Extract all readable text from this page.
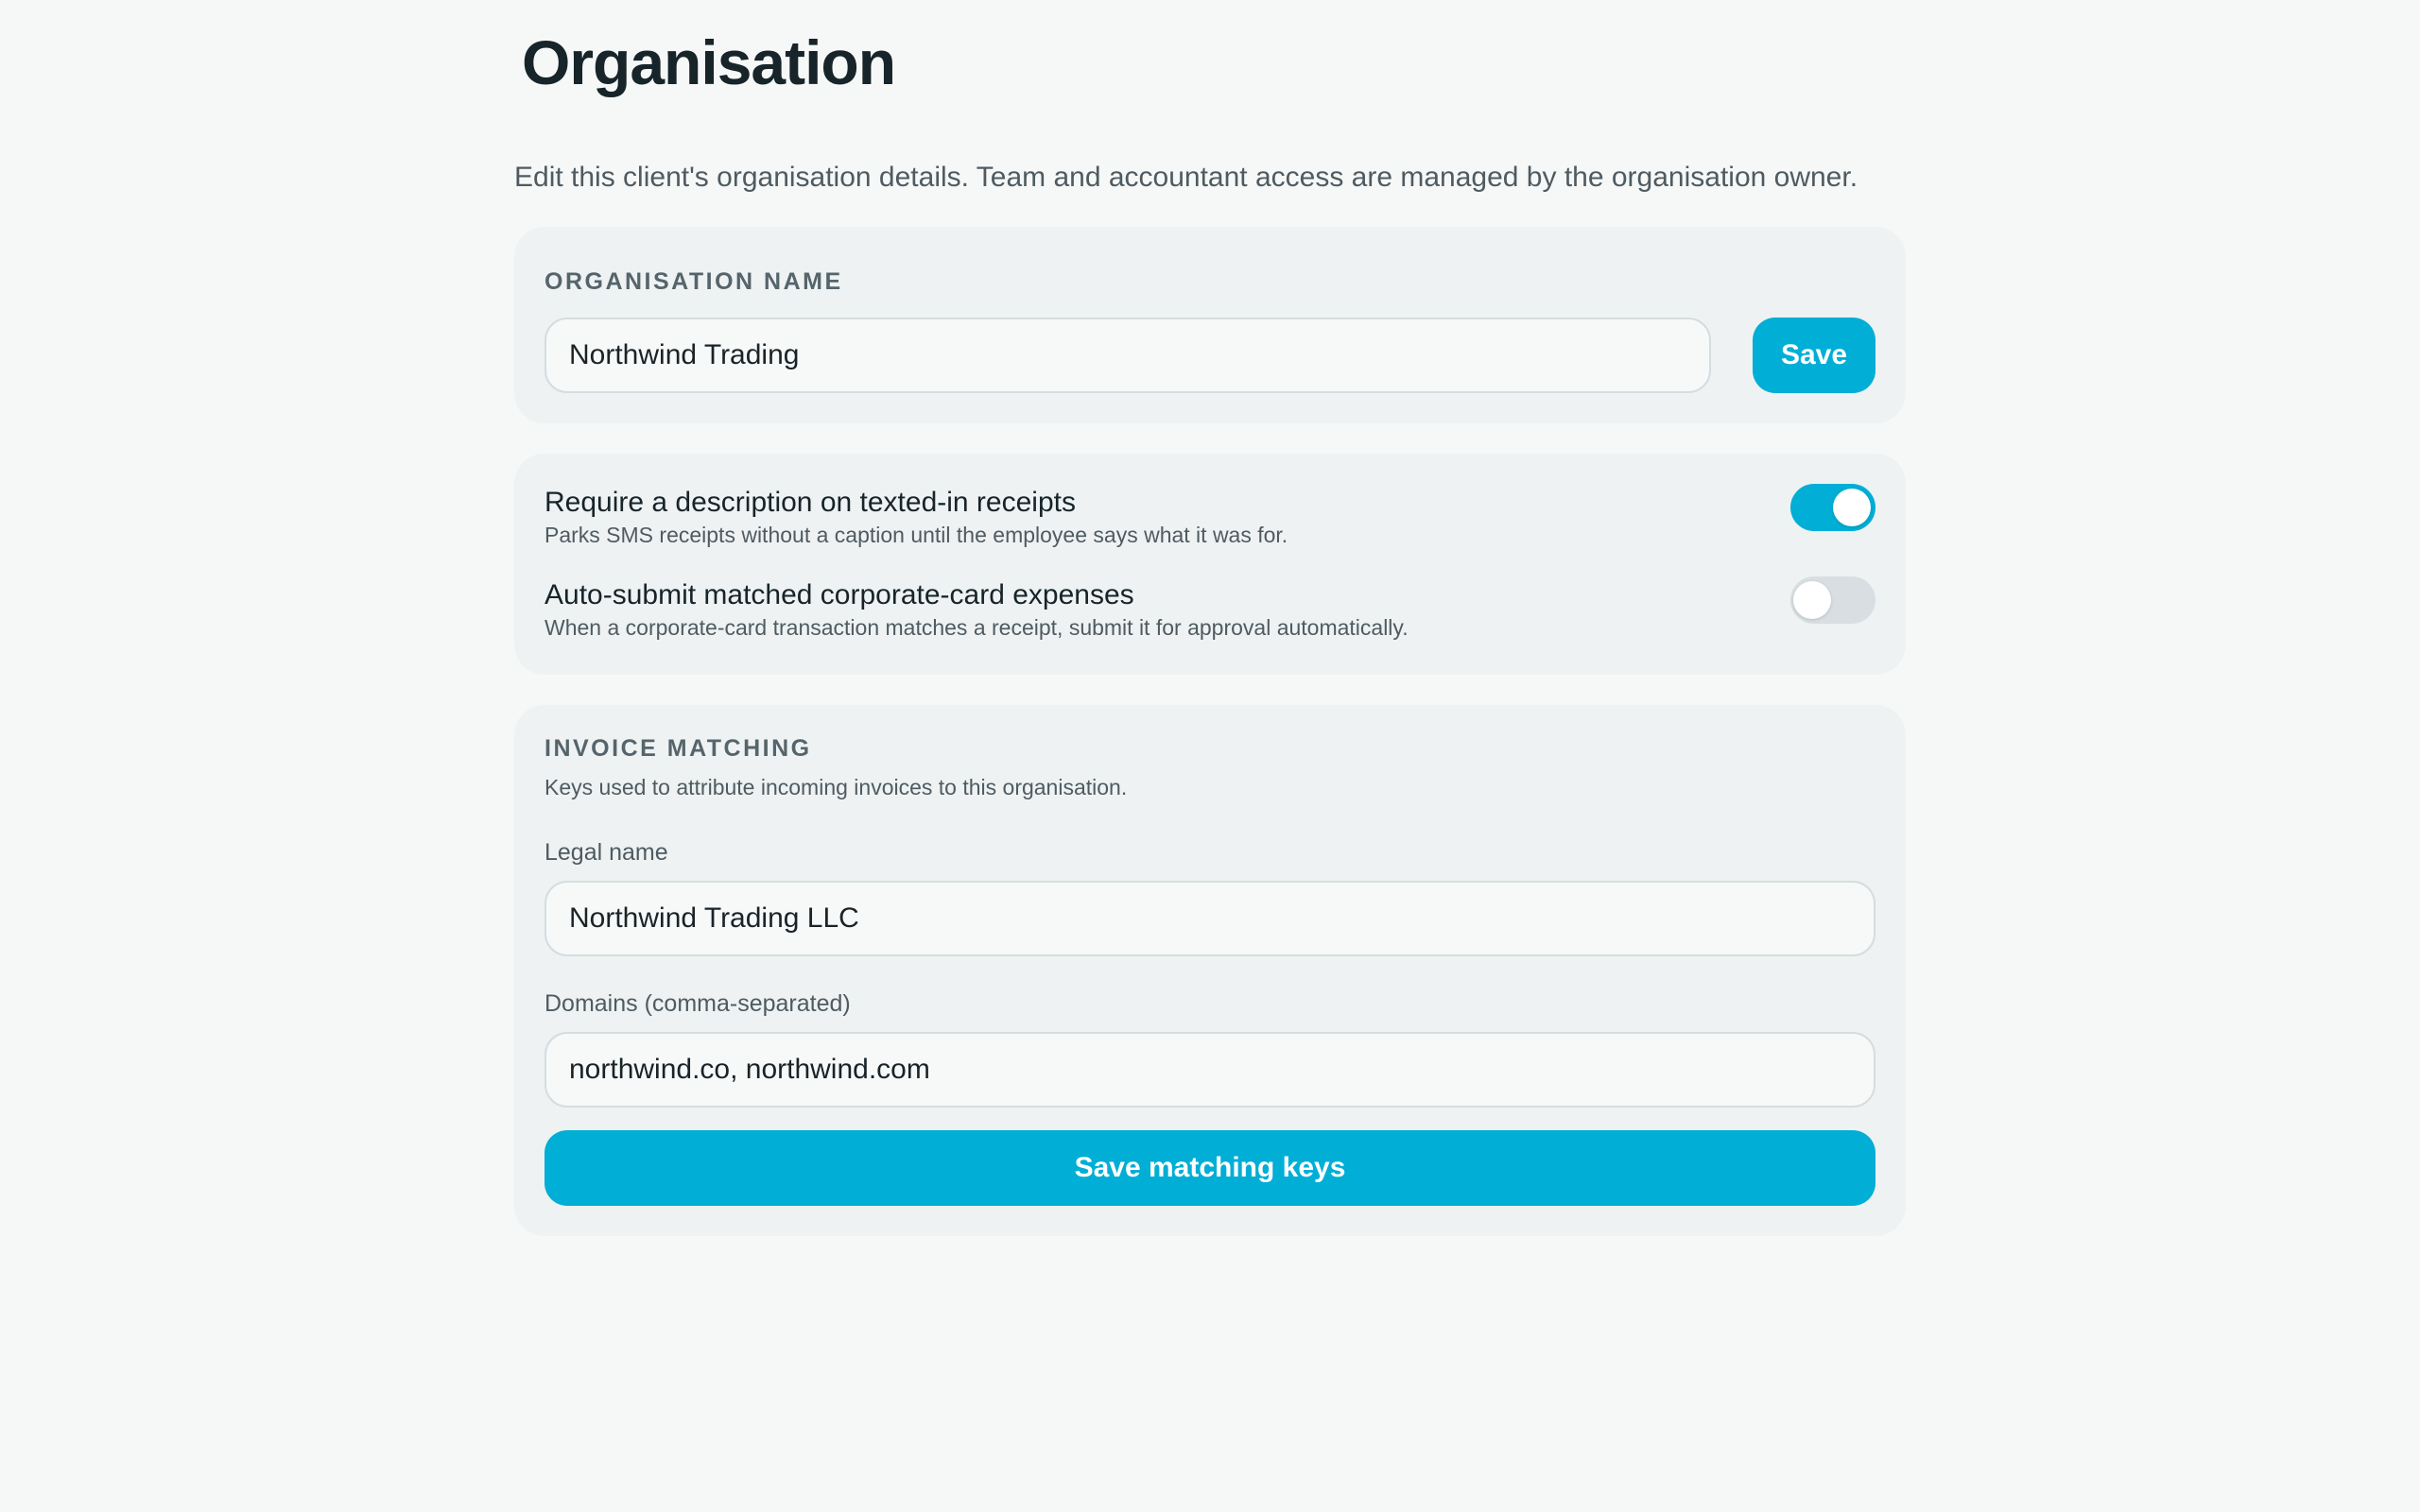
Organisation

Edit this client's organisation details. Team and accountant access are managed by the organisation owner.

ORGANISATION NAME
Northwind Trading
Save
Require a description on texted-in receipts
Parks SMS receipts without a caption until the employee says what it was for.
Auto-submit matched corporate-card expenses
When a corporate-card transaction matches a receipt, submit it for approval automatically.
INVOICE MATCHING
Keys used to attribute incoming invoices to this organisation.
Legal name
Northwind Trading LLC
Domains (comma-separated)
northwind.co, northwind.com
Save matching keys
